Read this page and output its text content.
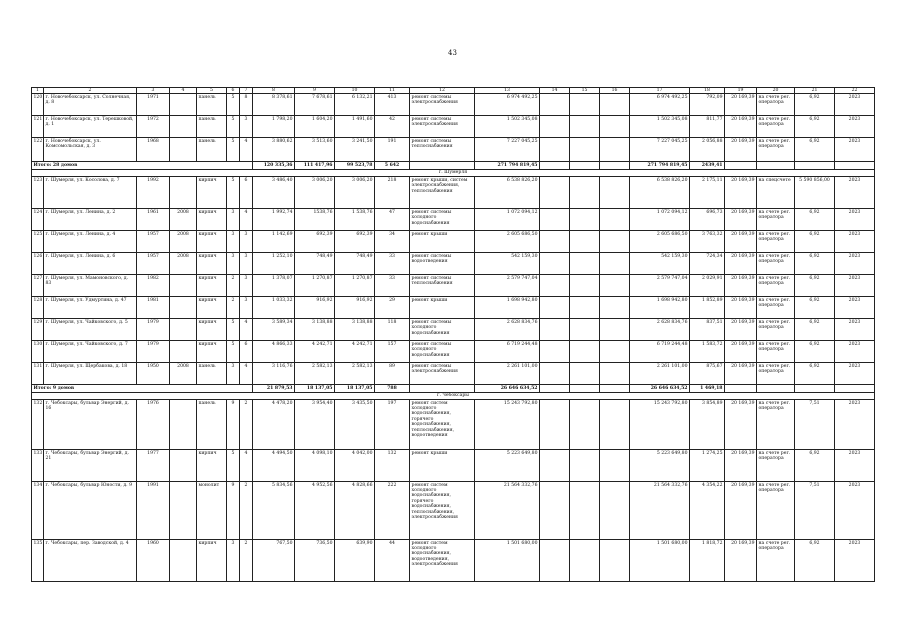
43
1	2	3	4	5	6	7	8	9	10	11	12	13	14	15	16	17	18	19	20	21	22
120	г. Новочебоксарск, ул. Солнечная, д. 8	1971		панель	5	8	8 378,61	7 678,61	6 132,21	413	ремонт системы электроснабжения	6 974 492,25				6 974 492,25	792,09	20 169,39	на счете рег. оператора	6,92	2023
121	г. Новочебоксарск, ул. Терешковой, д. 1	1972		панель	5	3	1 798,20	1 604,20	1 491,60	42	ремонт системы электроснабжения	1 502 345,08				1 502 345,08	811,77	20 169,39	на счете рег. оператора	6,92	2023
122	г. Новочебоксарск, ул. Комсомольская, д. 3	1968		панель	5	4	3 880,62	3 513,60	3 241,50	191	ремонт системы теплоснабжения	7 227 045,25				7 227 045,25	2 056,88	20 169,39	на счете рег. оператора	6,92	2023
Итого: 28 домов							120 335,36	111 417,96	99 523,78	5 642		271 794 819,45				271 794 819,45	2439,41				
г. Шумерля																					
123	г. Шумерля, ул. Косолова, д. 7	1992		кирпич	5	6	3 486,40	3 006,20	3 006,20	218	ремонт крыши, систем электроснабжения, теплоснабжения	6 538 826,20				6 538 826,20	2 175,11	20 169,39	на спецсчете	5 590 856,00	2023
124	г. Шумерля, ул. Ленина, д. 2	1961	2008	кирпич	3	4	1 992,74	1538,76	1 538,76	47	ремонт системы холодного водоснабжения	1 072 094,12				1 072 094,12	696,73	20 169,39	на счете рег. оператора	6,92	2023
125	г. Шумерля, ул. Ленина, д. 4	1957	2008	кирпич	3	3	1 142,69	692,39	692,39	34	ремонт крыши	2 605 686,50				2 605 686,50	3 763,32	20 169,39	на счете рег. оператора	6,92	2023
126	г. Шумерля, ул. Ленина, д. 6	1957	2008	кирпич	3	3	1 252,10	748,49	748,49	33	ремонт системы водоотведения	542 159,30				542 159,30	724,34	20 169,39	на счете рег. оператора	6,92	2023
127	г. Шумерля, ул. Мамоновского, д. 83	1982		кирпич	2	3	1 378,07	1 270,87	1 270,87	33	ремонт системы теплоснабжения	2 579 747,04				2 579 747,04	2 029,91	20 169,39	на счете рег. оператора	6,92	2023
128	г. Шумерля, ул. Удмуртина, д. 47	1981		кирпич	2	3	1 033,32	916,92	916,92	29	ремонт крыши	1 698 942,80				1 698 942,80	1 852,89	20 169,39	на счете рег. оператора	6,92	2023
129	г. Шумерля, ул. Чайковского, д. 5	1979		кирпич	5	4	3 589,34	3 138,88	3 138,88	118	ремонт системы холодного водоснабжения	2 628 834,76				2 628 834,76	837,51	20 169,39	на счете рег. оператора	6,92	2023
130	г. Шумерля, ул. Чайковского, д. 7	1979		кирпич	5	6	4 866,33	4 242,71	4 242,71	157	ремонт системы холодного водоснабжения	6 719 244,48				6 719 244,48	1 583,72	20 169,39	на счете рег. оператора	6,92	2023
131	г. Шумерля, ул. Щербакова, д. 18	1950	2008	панель	3	4	3 116,76	2 582,13	2 582,13	89	ремонт системы электроснабжения	2 261 101,00				2 261 101,00	875,67	20 169,39	на счете рег. оператора	6,92	2023
Итого: 9 домов							21 879,53	18 137,05	18 137,05	788		26 646 634,52				26 646 634,52	1 469,18				
г. Чебоксары																					
132	г. Чебоксары, бульвар Энергий, д. 16	1976		панель	9	2	4 478,20	3 954,40	3 435,50	197	ремонт систем холодного водоснабжения, горячего водоснабжения, теплоснабжения, водоотведения	15 243 792,80				15 243 792,80	3 854,89	20 169,39	на счете рег. оператора	7,51	2023
133	г. Чебоксары, бульвар Энергий, д. 21	1977		кирпич	5	4	4 494,50	4 098,10	4 042,00	132	ремонт крыши	5 223 649,80				5 223 649,80	1 274,25	20 169,39	на счете рег. оператора	6,92	2023
134	г. Чебоксары, бульвар Юности, д. 9	1991		монолит	9	2	5 834,56	4 952,56	4 828,66	222	ремонт систем холодного водоснабжения, горячего водоснабжения, теплоснабжения, электроснабжения	21 564 332,76				21 564 332,76	4 354,22	20 169,39	на счете рег. оператора	7,51	2023
135	г. Чебоксары, пер. Заводской, д. 4	1960		кирпич	3	2	767,50	736,50	639,90	44	ремонт систем холодного водоснабжения, водоотведения, электроснабжения	1 501 680,00				1 501 680,00	1 818,72	20 169,39	на счете рег. оператора	6,92	2023
